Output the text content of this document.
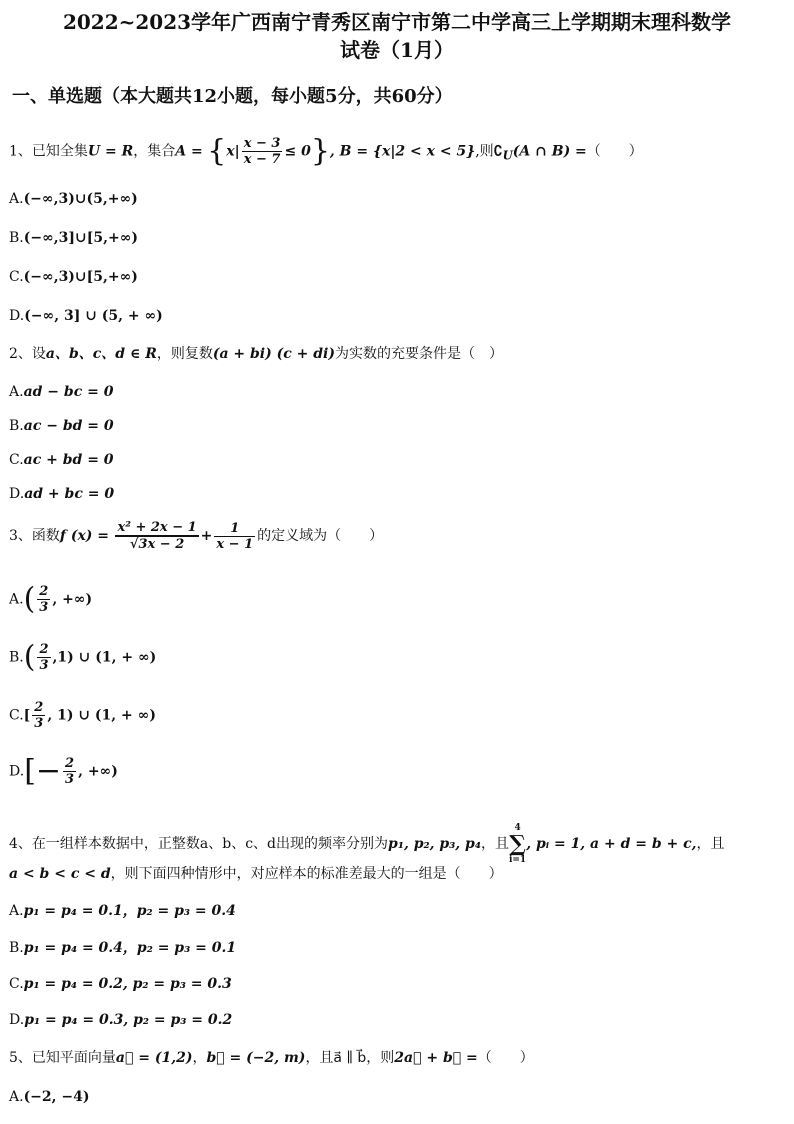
2022~2023学年广西南宁青秀区南宁市第二中学高三上学期期末理科数学
试卷（1月）
一、单选题（本大题共12小题，每小题5分，共60分）
1、已知全集U = R，集合$A = \{x| \frac{x - 3}{x - 7} \le 0\}$, B = {x|2 < x < 5},则$∁_U(A$ ∩ B) =（　　）
A.(−∞,3)∪(5,+∞)
B.(−∞,3]∪[5,+∞)
C.(−∞,3)∪[5,+∞)
D.(−∞, 3] ∪ (5, + ∞)
2、设a、b、c、d ∈ R，则复数(a + bi) (c + di)为实数的充要条件是（　）
A.ad − bc = 0
B.ac − bd = 0
C.ac + bd = 0
D.ad + bc = 0
3、函数f $(x) = \frac{\text{x² + 2x − 1}}{√3x - 2} + \frac{1}{x - 1}$ 的定义域为（　　）
$A.( \frac{2}{3}$ , +∞)
$B.( \frac{2}{3} ,1)$ ∪ (1, + ∞)
$C.[ \frac{2}{3}$ , 1) ∪ (1, + ∞)
$D.[- \frac{2}{3}$ , +∞)
4、在一组样本数据中，正整数a、b、c、d出现的频率分别为p₁, p₂, p₃, p₄，且4
∑
i=1, pᵢ = 1, a + d = b + c,，且
a < b < c < d，则下面四种情形中，对应样本的标准差最大的一组是（　　）
A.p₁ = p₄ = 0.1，p₂ = p₃ = 0.4
B.p₁ = p₄ = 0.4，p₂ = p₃ = 0.1
C.p₁ = p₄ = 0.2, p₂ = p₃ = 0.3
D.p₁ = p₄ = 0.3, p₂ = p₃ = 0.2
5、已知平面向量a⃗ = (1,2)，b⃗ = (−2, m)，且a⃗ ∥ b⃗，则2a⃗ + b⃗ =（　　）
A.(−2, −4)
